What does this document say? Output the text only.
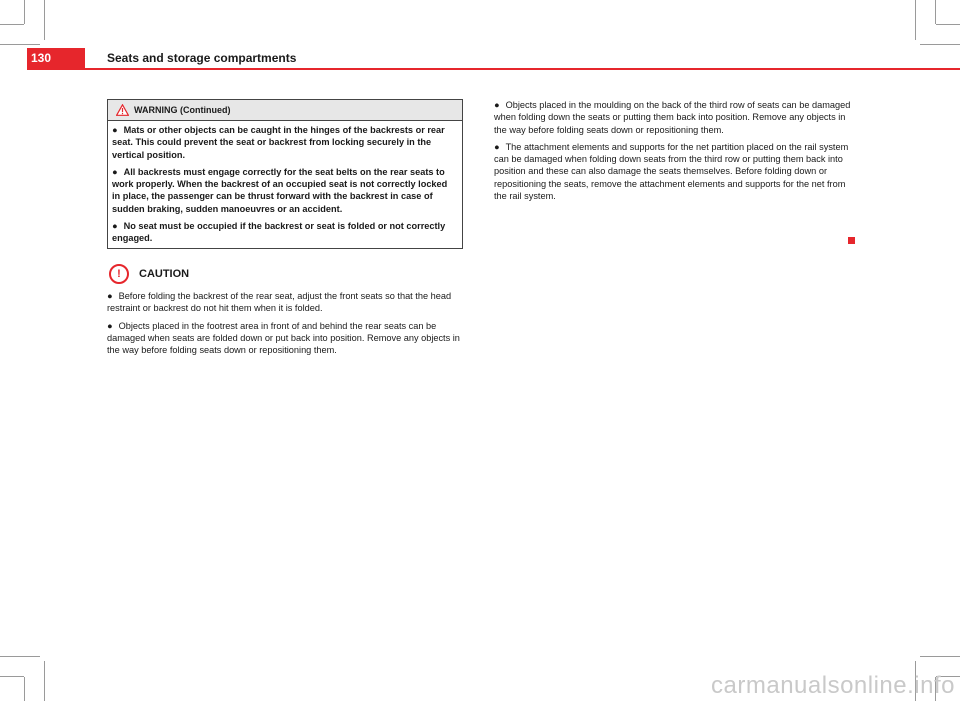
130	Seats and storage compartments
WARNING (Continued)

● Mats or other objects can be caught in the hinges of the backrests or rear seat. This could prevent the seat or backrest from locking securely in the vertical position.

● All backrests must engage correctly for the seat belts on the rear seats to work properly. When the backrest of an occupied seat is not correctly locked in place, the passenger can be thrust forward with the backrest in case of sudden braking, sudden manoeuvres or an accident.

● No seat must be occupied if the backrest or seat is folded or not correctly engaged.

! CAUTION

● Before folding the backrest of the rear seat, adjust the front seats so that the head restraint or backrest do not hit them when it is folded.

● Objects placed in the footrest area in front of and behind the rear seats can be damaged when seats are folded down or put back into position. Remove any objects in the way before folding seats down or repositioning them.

● Objects placed in the moulding on the back of the third row of seats can be damaged when folding down the seats or putting them back into position. Remove any objects in the way before folding seats down or repositioning them.

● The attachment elements and supports for the net partition placed on the rail system can be damaged when folding down seats from the third row or putting them back into position and these can also damage the seats themselves. Before folding down or repositioning the seats, remove the attachment elements and supports for the net from the rail system.

carmanualsonline.info
